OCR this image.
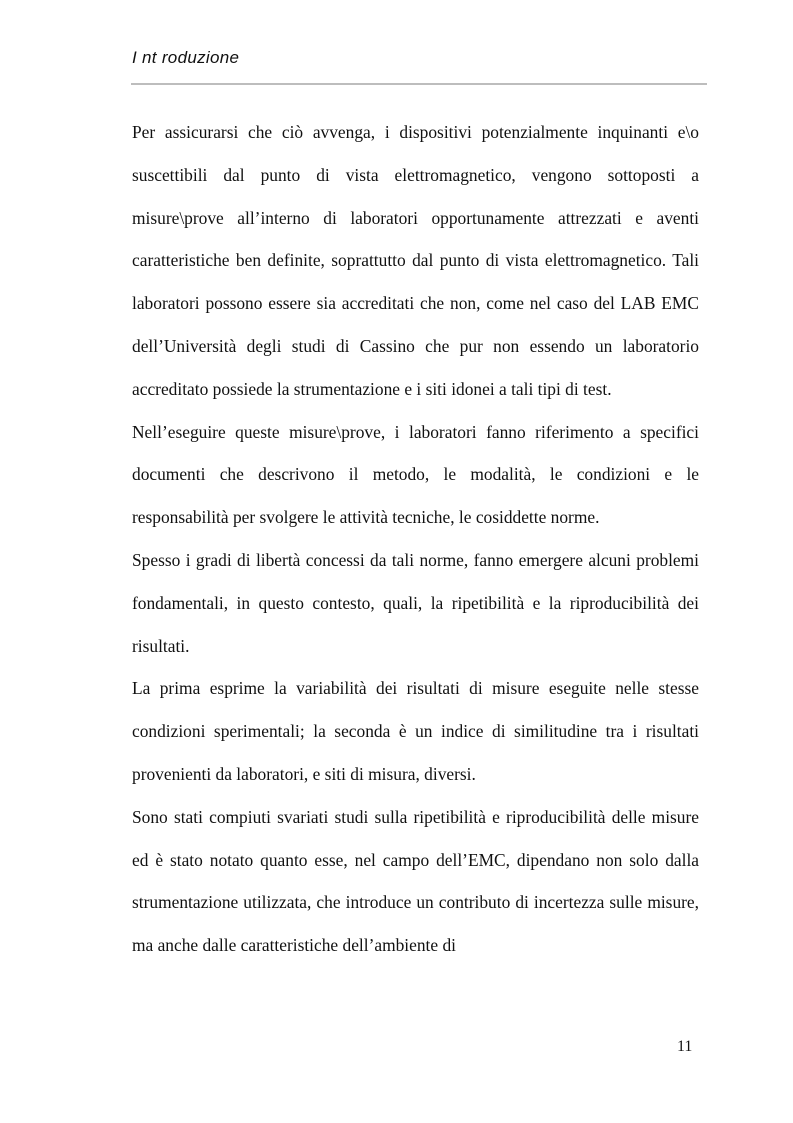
I nt roduzione

Per assicurarsi che ciò avvenga, i dispositivi potenzialmente inquinanti e\o suscettibili dal punto di vista elettromagnetico, vengono sottoposti a misure\prove all’interno di laboratori opportunamente attrezzati e aventi caratteristiche ben definite, soprattutto dal punto di vista elettromagnetico. Tali laboratori possono essere sia accreditati che non, come nel caso del LAB EMC dell’Università degli studi di Cassino che pur non essendo un laboratorio accreditato possiede la strumentazione e i siti idonei a tali tipi di test.

Nell’eseguire queste misure\prove, i laboratori fanno riferimento a specifici documenti che descrivono il metodo, le modalità, le condizioni e le responsabilità per svolgere le attività tecniche, le cosiddette norme.

Spesso i gradi di libertà concessi da tali norme, fanno emergere alcuni problemi fondamentali, in questo contesto, quali, la ripetibilità e la riproducibilità dei risultati.

La prima esprime la variabilità dei risultati di misure eseguite nelle stesse condizioni sperimentali; la seconda è un indice di similitudine tra i risultati provenienti da laboratori, e siti di misura, diversi.

Sono stati compiuti svariati studi sulla ripetibilità e riproducibilità delle misure ed è stato notato quanto esse, nel campo dell’EMC, dipendano non solo dalla strumentazione utilizzata, che introduce un contributo di incertezza sulle misure, ma anche dalle caratteristiche dell’ambiente di

11
